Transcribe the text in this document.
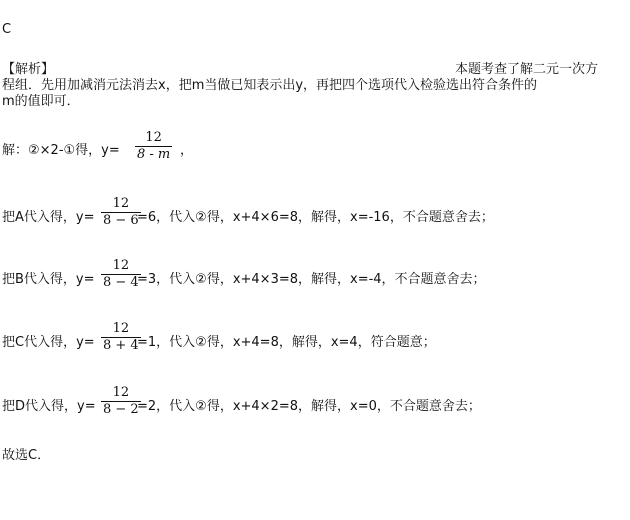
C
【解析】	本题考查了解二元一次方
程组．先用加减消元法消去x，把m当做已知表示出y，再把四个选项代入检验选出符合条件的
m的值即可．
解：②×2-①得，$y= \frac{12}{8 - m}$ ，
把A代入得，$y= \frac{12}{8 - 6}$
=6，代入②得，x+4×6=8，解得，x=-16，不合题意舍去；
把B代入得，$y= \frac{12}{8 - 4}$
=3，代入②得，x+4×3=8，解得，x=-4，不合题意舍去；
把C代入得，$y= \frac{12}{8 + 4}$
=1，代入②得，x+4=8，解得，x=4，符合题意；
把D代入得，$y= \frac{12}{8 - 2}$
=2，代入②得，x+4×2=8，解得，x=0，不合题意舍去；
故选C．
